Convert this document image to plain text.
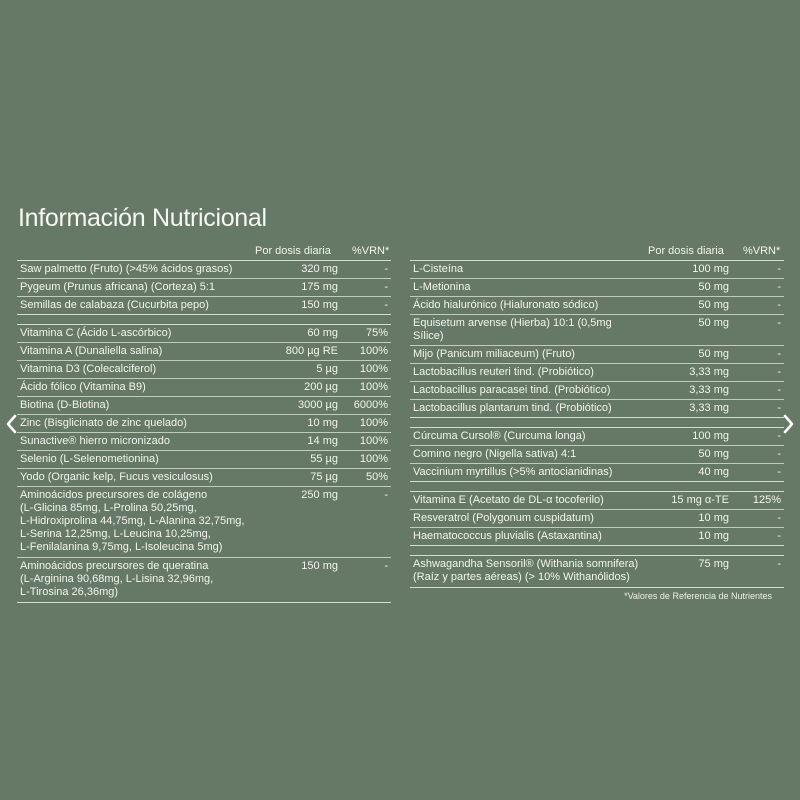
Información Nutricional
Por dosis diaria %VRN*
Saw palmetto (Fruto) (>45% ácidos grasos)	320 mg	-
Pygeum (Prunus africana) (Corteza) 5:1	175 mg	-
Semillas de calabaza (Cucurbita pepo)	150 mg	-
Vitamina C (Ácido L-ascórbico)	60 mg	75%
Vitamina A (Dunaliella salina)	800 µg RE	100%
Vitamina D3 (Colecalciferol)	5 µg	100%
Ácido fólico (Vitamina B9)	200 µg	100%
Biotina (D-Biotina)	3000 µg	6000%
Zinc (Bisglicinato de zinc quelado)	10 mg	100%
Sunactive® hierro micronizado	14 mg	100%
Selenio (L-Selenometionina)	55 µg	100%
Yodo (Organic kelp, Fucus vesiculosus)	75 µg	50%
Aminoácidos precursores de colágeno
(L-Glicina 85mg, L-Prolina 50,25mg,
L-Hidroxiprolina 44,75mg, L-Alanina 32,75mg,
L-Serina 12,25mg, L-Leucina 10,25mg,
L-Fenilalanina 9,75mg, L-Isoleucina 5mg)
250 mg	-
Aminoácidos precursores de queratina
(L-Arginina 90,68mg, L-Lisina 32,96mg,
L-Tirosina 26,36mg)
150 mg	-
Por dosis diaria %VRN*
L-Cisteína	100 mg	-
L-Metionina	50 mg	-
Ácido hialurónico (Hialuronato sódico)	50 mg	-
Equisetum arvense (Hierba) 10:1 (0,5mg Sílice)
50 mg	-
Mijo (Panicum miliaceum) (Fruto)	50 mg	-
Lactobacillus reuteri tind. (Probiótico)	3,33 mg	-
Lactobacillus paracasei tind. (Probiótico)	3,33 mg	-
Lactobacillus plantarum tind. (Probiótico)	3,33 mg	-
Cúrcuma Cursol® (Curcuma longa)	100 mg	-
Comino negro (Nigella sativa) 4:1	50 mg	-
Vaccinium myrtillus (>5% antocianidinas)	40 mg	-
Vitamina E (Acetato de DL-α tocoferilo)	15 mg α-TE	125%
Resveratrol (Polygonum cuspidatum)	10 mg	-
Haematococcus pluvialis (Astaxantina)	10 mg	-
Ashwagandha Sensoril® (Withania somnifera)
(Raíz y partes aéreas) (> 10% Withanólidos)
75 mg	-
*Valores de Referencia de Nutrientes
